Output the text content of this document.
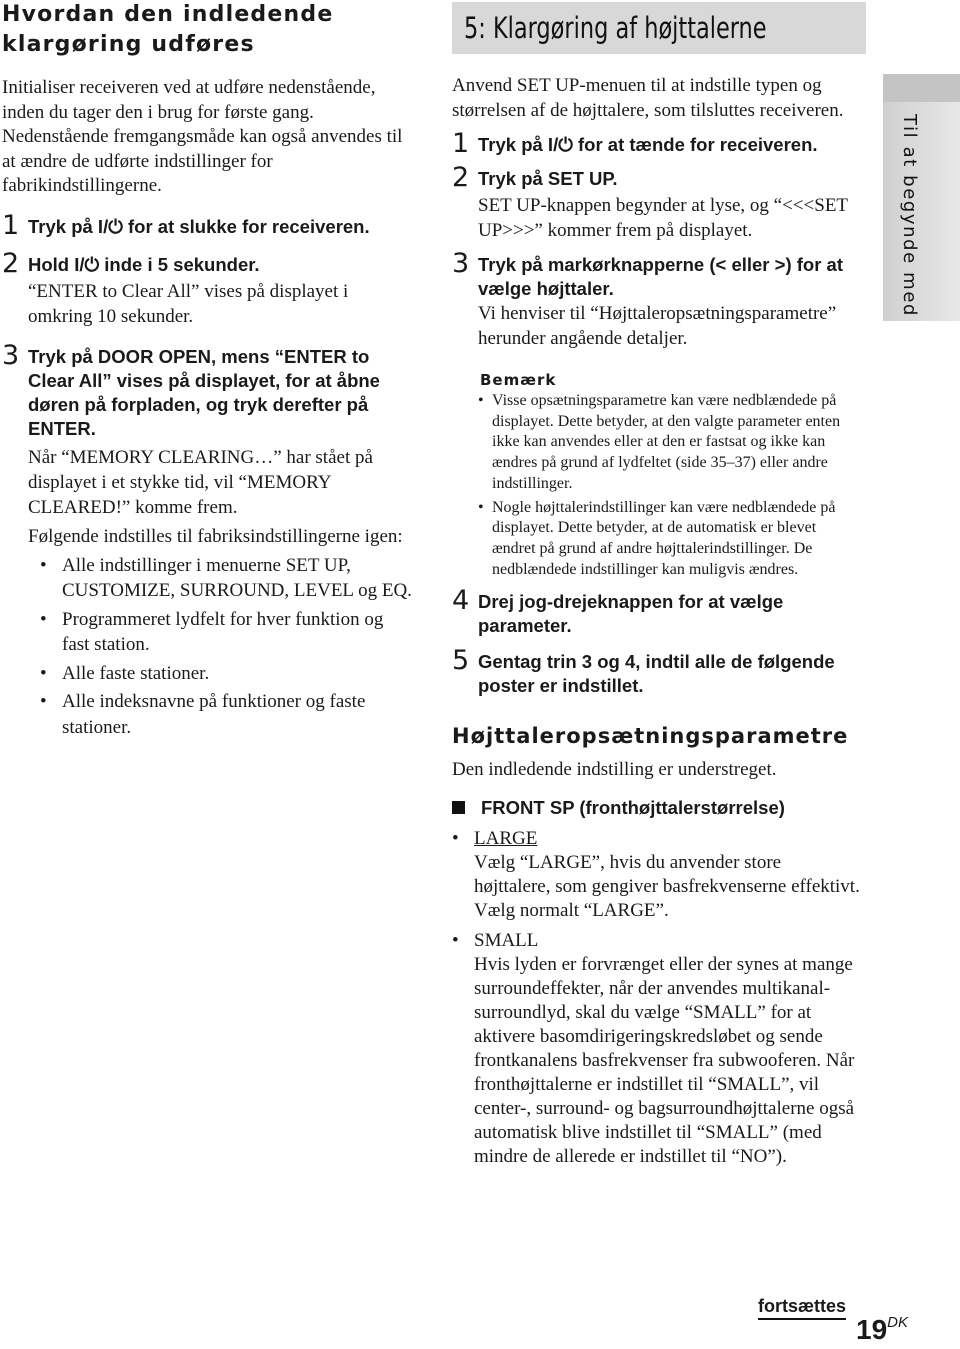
Hvordan den indledende klargøring udføres

Initialiser receiveren ved at udføre nedenstående, inden du tager den i brug for første gang. Nedenstående fremgangsmåde kan også anvendes til at ændre de udførte indstillinger for fabrikindstillingerne.

1 Tryk på I/⏻ for at slukke for receiveren.
2 Hold I/⏻ inde i 5 sekunder.
“ENTER to Clear All” vises på displayet i omkring 10 sekunder.
3 Tryk på DOOR OPEN, mens “ENTER to Clear All” vises på displayet, for at åbne døren på forpladen, og tryk derefter på ENTER.
Når “MEMORY CLEARING…” har stået på displayet i et stykke tid, vil “MEMORY CLEARED!” komme frem.
Følgende indstilles til fabriksindstillingerne igen:
• Alle indstillinger i menuerne SET UP, CUSTOMIZE, SURROUND, LEVEL og EQ.
• Programmeret lydfelt for hver funktion og fast station.
• Alle faste stationer.
• Alle indeksnavne på funktioner og faste stationer.
5: Klargøring af højttalerne

Anvend SET UP-menuen til at indstille typen og størrelsen af de højttalere, som tilsluttes receiveren.

1 Tryk på I/⏻ for at tænde for receiveren.
2 Tryk på SET UP.
SET UP-knappen begynder at lyse, og “<<<SET UP>>>” kommer frem på displayet.
3 Tryk på markørknapperne (< eller >) for at vælge højttaler.
Vi henviser til “Højttaleropsætningsparametre” herunder angående detaljer.
Bemærk
• Visse opsætningsparametre kan være nedblændede på displayet. Dette betyder, at den valgte parameter enten ikke kan anvendes eller at den er fastsat og ikke kan ændres på grund af lydfeltet (side 35–37) eller andre indstillinger.
• Nogle højttalerindstillinger kan være nedblændede på displayet. Dette betyder, at de automatisk er blevet ændret på grund af andre højttalerindstillinger. De nedblændede indstillinger kan muligvis ændres.
4 Drej jog-drejeknappen for at vælge parameter.
5 Gentag trin 3 og 4, indtil alle de følgende poster er indstillet.
Højttaleropsætningsparametre

Den indledende indstilling er understreget.

FRONT SP (fronthøjttalerstørrelse)
• LARGE
Vælg “LARGE”, hvis du anvender store højttalere, som gengiver basfrekvenserne effektivt. Vælg normalt “LARGE”.
• SMALL
Hvis lyden er forvrænget eller der synes at mange surroundeffekter, når der anvendes multikanal-surroundlyd, skal du vælge “SMALL” for at aktivere basomdirigeringskredsløbet og sende frontkanalens basfrekvenser fra subwooferen. Når fronthøjttalerne er indstillet til “SMALL”, vil center-, surround- og bagsurroundhøjttalerne også automatisk blive indstillet til “SMALL” (med mindre de allerede er indstillet til “NO”).
Til at begynde med
fortsættes
$19^{DK}$
